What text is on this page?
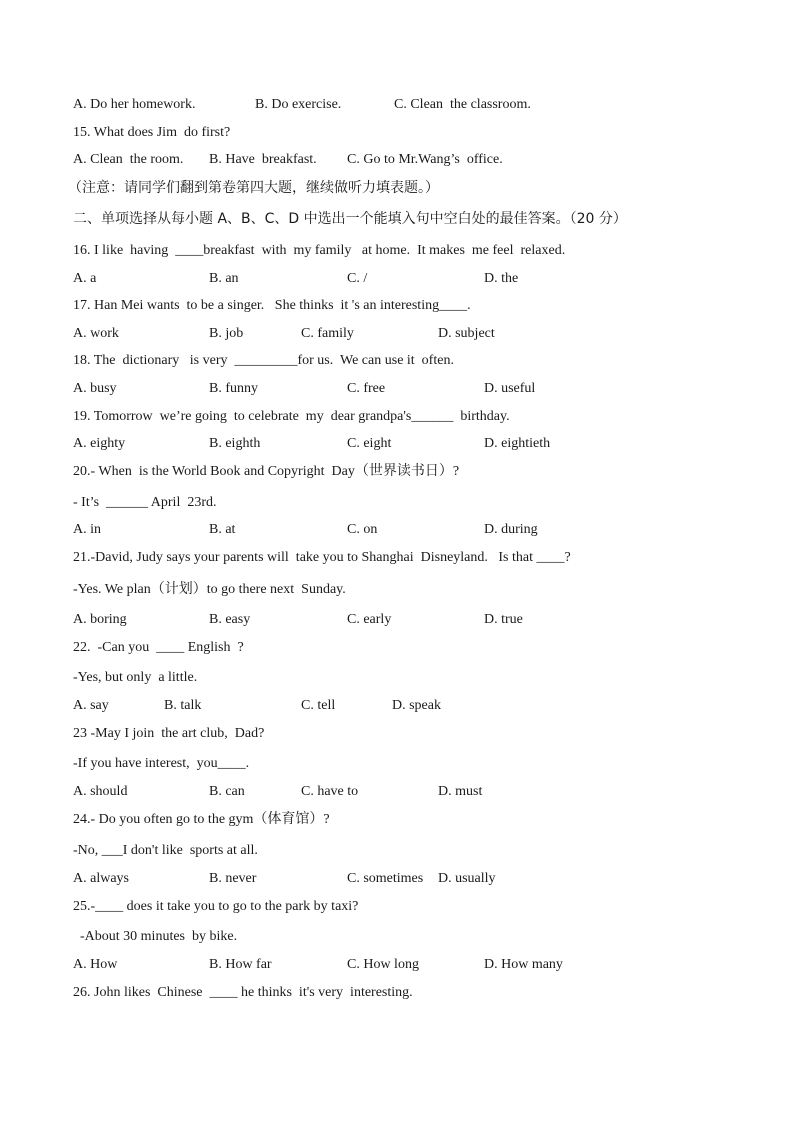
A. Do her homework.	B. Do exercise.	C. Clean  the classroom.
15. What does Jim  do first?
A. Clean  the room. B. Have  breakfast. C. Go to Mr.Wang’s  office.
（注意：请同学们翻到第卷第四大题，继续做听力填表题。）
二、单项选择从每小题 A、B、C、D 中选出一个能填入句中空白处的最佳答案。（20 分）
16. I like  having  ____breakfast  with  my family   at home.  It makes  me feel  relaxed.
A. a	B. an	C. /	D. the
17. Han Mei wants  to be a singer.   She thinks  it 's an interesting____.
A. work	B. job	C. family	D. subject
18. The  dictionary   is very  _________for us.  We can use it  often.
A. busy	B. funny	C. free	D. useful
19. Tomorrow  we’re going  to celebrate  my  dear grandpa's______  birthday.
A. eighty	B. eighth	C. eight	D. eightieth
20.- When  is the World Book and Copyright  Day（世界读书日）?
- It’s  ______ April  23rd.
A. in	B. at	C. on	D. during
21.-David, Judy says your parents will  take you to Shanghai  Disneyland.   Is that ____?
-Yes. We plan（计划）to go there next  Sunday.
A. boring	B. easy	C. early	D. true
22.  -Can you  ____ English  ?
-Yes, but only  a little.
A. say	B. talk	C. tell	D. speak
23 -May I join  the art club,  Dad?
-If you have interest,  you____.
A. should	B. can	C. have to	D. must
24.- Do you often go to the gym（体育馆）?
-No, ___I don't like  sports at all.
A. always	B. never	C. sometimes D. usually
25.-____ does it take you to go to the park by taxi?
-About 30 minutes  by bike.
A. How	B. How far	C. How long	D. How many
26. John likes  Chinese  ____ he thinks  it's very  interesting.
